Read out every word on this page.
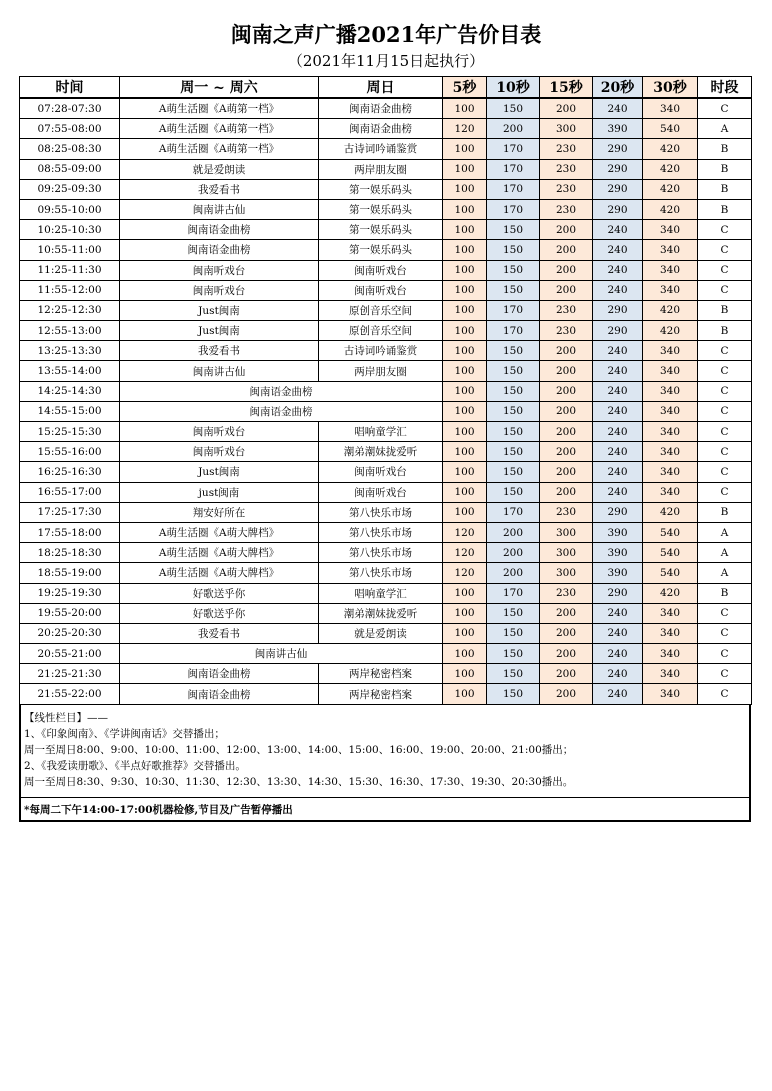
闽南之声广播2021年广告价目表
（2021年11月15日起执行）
时间	周一 ~ 周六	周日	5秒	10秒	15秒	20秒	30秒	时段
07:28-07:30	A萌生活圈《A萌第一档》	闽南语金曲榜	100	150	200	240	340	C
07:55-08:00	A萌生活圈《A萌第一档》	闽南语金曲榜	120	200	300	390	540	A
08:25-08:30	A萌生活圈《A萌第一档》	古诗词吟诵鉴赏	100	170	230	290	420	B
08:55-09:00	就是爱朗读	两岸朋友圈	100	170	230	290	420	B
09:25-09:30	我爱看书	第一娱乐码头	100	170	230	290	420	B
09:55-10:00	闽南讲古仙	第一娱乐码头	100	170	230	290	420	B
10:25-10:30	闽南语金曲榜	第一娱乐码头	100	150	200	240	340	C
10:55-11:00	闽南语金曲榜	第一娱乐码头	100	150	200	240	340	C
11:25-11:30	闽南听戏台	闽南听戏台	100	150	200	240	340	C
11:55-12:00	闽南听戏台	闽南听戏台	100	150	200	240	340	C
12:25-12:30	Just闽南	原创音乐空间	100	170	230	290	420	B
12:55-13:00	Just闽南	原创音乐空间	100	170	230	290	420	B
13:25-13:30	我爱看书	古诗词吟诵鉴赏	100	150	200	240	340	C
13:55-14:00	闽南讲古仙	两岸朋友圈	100	150	200	240	340	C
14:25-14:30	闽南语金曲榜		100	150	200	240	340	C
14:55-15:00	闽南语金曲榜		100	150	200	240	340	C
15:25-15:30	闽南听戏台	唱响童学汇	100	150	200	240	340	C
15:55-16:00	闽南听戏台	潮弟潮妹拢爱听	100	150	200	240	340	C
16:25-16:30	Just闽南	闽南听戏台	100	150	200	240	340	C
16:55-17:00	just闽南	闽南听戏台	100	150	200	240	340	C
17:25-17:30	翔安好所在	第八快乐市场	100	170	230	290	420	B
17:55-18:00	A萌生活圈《A萌大牌档》	第八快乐市场	120	200	300	390	540	A
18:25-18:30	A萌生活圈《A萌大牌档》	第八快乐市场	120	200	300	390	540	A
18:55-19:00	A萌生活圈《A萌大牌档》	第八快乐市场	120	200	300	390	540	A
19:25-19:30	好歌送乎你	唱响童学汇	100	170	230	290	420	B
19:55-20:00	好歌送乎你	潮弟潮妹拢爱听	100	150	200	240	340	C
20:25-20:30	我爱看书	就是爱朗读	100	150	200	240	340	C
20:55-21:00	闽南讲古仙		100	150	200	240	340	C
21:25-21:30	闽南语金曲榜	两岸秘密档案	100	150	200	240	340	C
21:55-22:00	闽南语金曲榜	两岸秘密档案	100	150	200	240	340	C
【线性栏目】——
1、《印象闽南》、《学讲闽南话》交替播出；
周一至周日8:00、9:00、10:00、11:00、12:00、13:00、14:00、15:00、16:00、19:00、20:00、21:00播出；
2、《我爱读册歌》、《半点好歌推荐》交替播出。
周一至周日8:30、9:30、10:30、11:30、12:30、13:30、14:30、15:30、16:30、17:30、19:30、20:30播出。
*每周二下午14:00-17:00机器检修,节目及广告暂停播出
